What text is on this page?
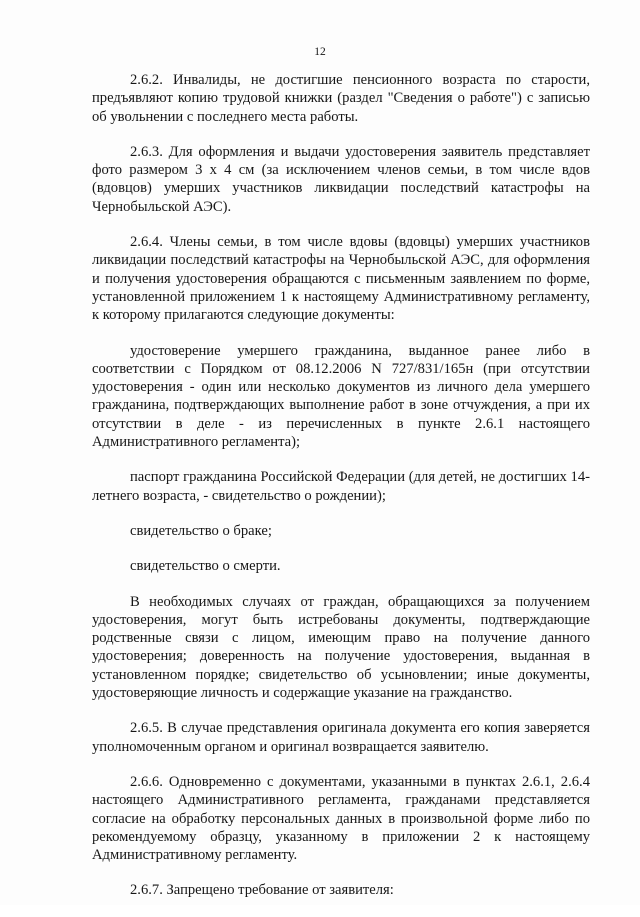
12

2.6.2. Инвалиды, не достигшие пенсионного возраста по старости, предъявляют копию трудовой книжки (раздел "Сведения о работе") с записью об увольнении с последнего места работы.

2.6.3. Для оформления и выдачи удостоверения заявитель представляет фото размером 3 х 4 см (за исключением членов семьи, в том числе вдов (вдовцов) умерших участников ликвидации последствий катастрофы на Чернобыльской АЭС).

2.6.4. Члены семьи, в том числе вдовы (вдовцы) умерших участников ликвидации последствий катастрофы на Чернобыльской АЭС, для оформления и получения удостоверения обращаются с письменным заявлением по форме, установленной приложением 1 к настоящему Административному регламенту, к которому прилагаются следующие документы:

удостоверение умершего гражданина, выданное ранее либо в соответствии с Порядком от 08.12.2006 N 727/831/165н (при отсутствии удостоверения - один или несколько документов из личного дела умершего гражданина, подтверждающих выполнение работ в зоне отчуждения, а при их отсутствии в деле - из перечисленных в пункте 2.6.1 настоящего Административного регламента);

паспорт гражданина Российской Федерации (для детей, не достигших 14-летнего возраста, - свидетельство о рождении);

свидетельство о браке;

свидетельство о смерти.

В необходимых случаях от граждан, обращающихся за получением удостоверения, могут быть истребованы документы, подтверждающие родственные связи с лицом, имеющим право на получение данного удостоверения; доверенность на получение удостоверения, выданная в установленном порядке; свидетельство об усыновлении; иные документы, удостоверяющие личность и содержащие указание на гражданство.

2.6.5. В случае представления оригинала документа его копия заверяется уполномоченным органом и оригинал возвращается заявителю.

2.6.6. Одновременно с документами, указанными в пунктах 2.6.1, 2.6.4 настоящего Административного регламента, гражданами представляется согласие на обработку персональных данных в произвольной форме либо по рекомендуемому образцу, указанному в приложении 2 к настоящему Административному регламенту.

2.6.7. Запрещено требование от заявителя:
